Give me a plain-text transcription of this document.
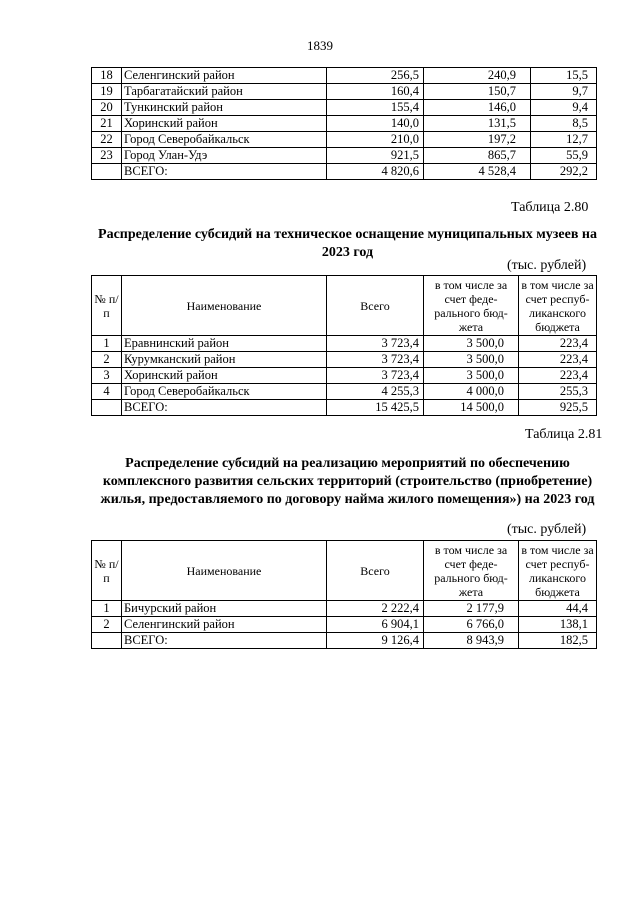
1839
18	Селенгинский район	256,5	240,9	15,5
19	Тарбагатайский район	160,4	150,7	9,7
20	Тункинский район	155,4	146,0	9,4
21	Хоринский район	140,0	131,5	8,5
22	Город Северобайкальск	210,0	197,2	12,7
23	Город Улан-Удэ	921,5	865,7	55,9
	ВСЕГО:	4 820,6	4 528,4	292,2
Таблица 2.80
Распределение субсидий на техническое оснащение муниципальных музеев на 2023 год
(тыс. рублей)
№ п/п	Наименование	Всего	в том числе за счет феде-рального бюд-жета	в том числе за счет респуб-ликанского бюджета
1	Еравнинский район	3 723,4	3 500,0	223,4
2	Курумканский район	3 723,4	3 500,0	223,4
3	Хоринский район	3 723,4	3 500,0	223,4
4	Город Северобайкальск	4 255,3	4 000,0	255,3
	ВСЕГО:	15 425,5	14 500,0	925,5
Таблица 2.81
Распределение субсидий на реализацию мероприятий по обеспечению комплексного развития сельских территорий (строительство (приобретение) жилья, предоставляемого по договору найма жилого помещения») на 2023 год
(тыс. рублей)
№ п/п	Наименование	Всего	в том числе за счет феде-рального бюд-жета	в том числе за счет респуб-ликанского бюджета
1	Бичурский район	2 222,4	2 177,9	44,4
2	Селенгинский район	6 904,1	6 766,0	138,1
	ВСЕГО:	9 126,4	8 943,9	182,5
